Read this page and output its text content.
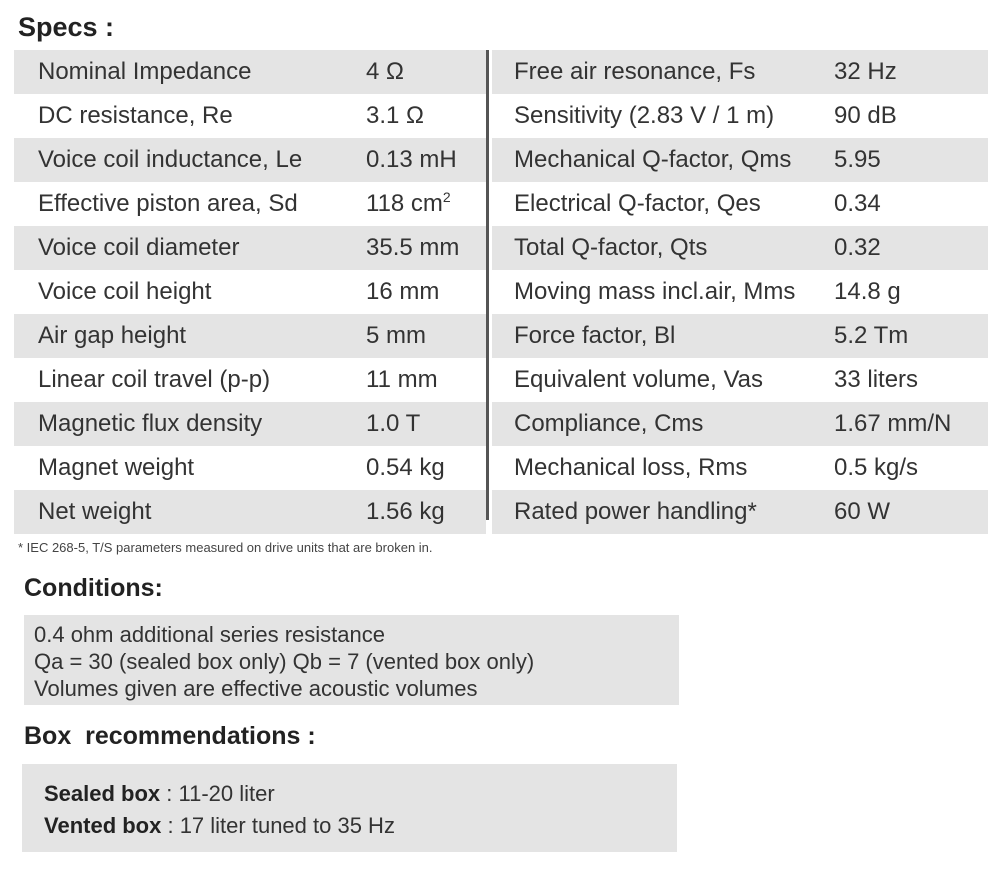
Specs :
Nominal Impedance	4 Ω
DC resistance, Re	3.1 Ω
Voice coil inductance, Le	0.13 mH
Effective piston area, Sd	118 $cm^2$
Voice coil diameter	35.5 mm
Voice coil height	16 mm
Air gap height	5 mm
Linear coil travel (p-p)	11 mm
Magnetic flux density	1.0 T
Magnet weight	0.54 kg
Net weight	1.56 kg
Free air resonance, Fs	32 Hz
Sensitivity (2.83 V / 1 m) 90 dB
Mechanical Q-factor, Qms 5.95
Electrical Q-factor, Qes	0.34
Total Q-factor, Qts	0.32
Moving mass incl.air, Mms 14.8 g
Force factor, Bl	5.2 Tm
Equivalent volume, Vas	33 liters
Compliance, Cms	1.67 mm/N
Mechanical loss, Rms	0.5 kg/s
Rated power handling*	60 W
* IEC 268-5, T/S parameters measured on drive units that are broken in.
Conditions:
0.4 ohm additional series resistance
Qa = 30 (sealed box only) Qb = 7 (vented box only)
Volumes given are effective acoustic volumes
Box  recommendations :
Sealed box : 11-20 liter
Vented box : 17 liter tuned to 35 Hz
